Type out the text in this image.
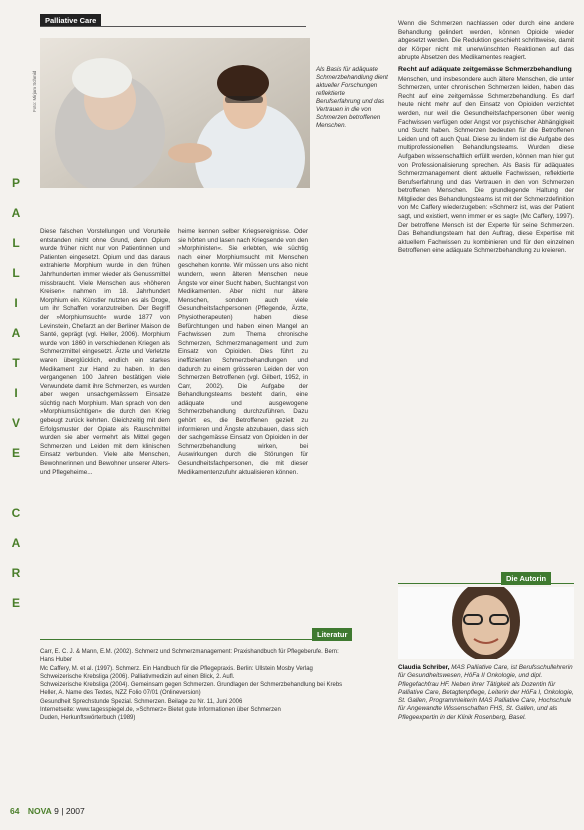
Palliative Care
Foto: Mirjam Schmid
Als Basis für adäquate Schmerzbehandlung dient aktueller Forschungen reflektierte Berufserfahrung und das Vertrauen in die von Schmerzen betroffenen Menschen.
P
A
L
L
I
A
T
I
V
E

C
A
R
E

Diese falschen Vorstellungen und Vorurteile entstanden nicht ohne Grund, denn Opium wurde früher nicht nur von Patientinnen und Patienten eingesetzt. Opium und das daraus extrahierte Morphium wurde in den frühen Jahrhunderten immer wieder als Genussmittel missbraucht. Viele Menschen aus »höheren Kreisen« nahmen im 18. Jahrhundert Morphium ein. Künstler nutzten es als Droge, um ihr Schaffen voranzutreiben. Der Begriff der »Morphiumsucht« wurde 1877 von Levinstein, Chefarzt an der Berliner Maison de Santé, geprägt (vgl. Heller, 2006). Morphium wurde von 1860 in verschiedenen Kriegen als Schmerzmittel eingesetzt. Ärzte und Verletzte waren überglücklich, endlich ein starkes Medikament zur Hand zu haben. In den vergangenen 100 Jahren bestätigen viele Verwundete damit ihre Schmerzen, es wurden aber wegen unsachgemässem Einsatze süchtig nach Morphium. Man sprach von den »Morphiumsüchtigen« die durch den Krieg gebeugt zurück kehrten. Gleichzeitig mit dem Erfolgsmuster der Opiate als Rauschmittel wurden sie aber vermehrt als Mittel gegen Schmerzen und Leiden mit dem klinischen Einsatz verbunden. Viele alte Menschen, Bewohnerinnen und Bewohner unserer Alters- und Pflegeheime...

heime kennen selber Kriegsereignisse. Oder sie hörten und lasen nach Kriegsende von den »Morphinisten«. Sie erlebten, wie süchtig nach einer Morphiumsucht mit Menschen geschehen konnte. Wir müssen uns also nicht wundern, wenn älteren Menschen neue Ängste vor einer Sucht haben, Suchtangst von Medikamenten. Aber nicht nur ältere Menschen, sondern auch viele Gesundheitsfachpersonen (Pflegende, Ärzte, Physiotherapeuten) haben diese Befürchtungen und haben einen Mangel an Fachwissen zum Thema chronische Schmerzen, Schmerzmanagement und zum Einsatz von Opioiden. Dies führt zu ineffizienten Schmerzbehandlungen und dadurch zu einem grösseren Leiden der von Schmerzen Betroffenen (vgl. Gilbert, 1952, in Carr, 2002). Die Aufgabe der Behandlungsteams besteht darin, eine adäquate und ausgewogene Schmerzbehandlung durchzuführen. Dazu gehört es, die Betroffenen gezielt zu informieren und Ängste abzubauen, dass sich der sachgemässe Einsatz von Opioiden in der Schmerzbehandlung wirken, bei Auswirkungen durch die Störungen für Gesundheitsfachpersonen, die mit dieser Medikamentenzufuhr aktualisieren können.

Wenn die Schmerzen nachlassen oder durch eine andere Behandlung gelindert werden, können Opioide wieder abgesetzt werden. Die Reduktion geschieht schrittweise, damit der Körper nicht mit unerwünschten Reaktionen auf das abrupte Absetzen des Medikamentes reagiert.

Recht auf adäquate zeitgemässe Schmerzbehandlung

Menschen, und insbesondere auch ältere Menschen, die unter Schmerzen, unter chronischen Schmerzen leiden, haben das Recht auf eine zeitgemässe Schmerzbehandlung. Es darf heute nicht mehr auf den Einsatz von Opioiden verzichtet werden, nur weil die Gesundheitsfachpersonen über wenig Fachwissen verfügen oder Angst vor psychischer Abhängigkeit und Sucht haben. Schmerzen bedeuten für die Betroffenen Leiden und oft auch Qual. Diese zu lindern ist die Aufgabe des multiprofessionellen Behandlungsteams. Wurden diese Aufgaben wissenschaftlich erfüllt werden, können man hier gut von Professionalisierung sprechen. Als Basis für adäquates Schmerzmanagement dient aktuelle Fachwissen, reflektierte Berufserfahrung und das Vertrauen in den von Schmerzen betroffenen Menschen. Die grundlegende Haltung der Mitglieder des Behandlungsteams ist mit der Schmerzdefinition von Mc Caffery wiederzugeben: »Schmerz ist, was der Patient sagt, und existiert, wenn immer er es sagt« (Mc Caffery, 1997). Der betroffene Mensch ist der Experte für seine Schmerzen. Das Behandlungsteam hat den Auftrag, diese Expertise mit aktuellem Fachwissen zu kombinieren und für den einzelnen Betroffenen eine adäquate Schmerzbehandlung zu kreieren.

Die Autorin
Claudia Schriber, MAS Palliative Care, ist Berufsschullehrerin für Gesundheitswesen, HöFa II Onkologie, und dipl. Pflegefachfrau HF. Neben ihrer Tätigkeit als Dozentin für Palliative Care, Betagtenpflege, Leiterin der HöFa I, Onkologie, St. Gallen, Programmleiterin MAS Palliative Care, Hochschule für Angewandte Wissenschaften FHS, St. Gallen, und als Pflegeexpertin in der Klinik Rosenberg, Basel.
Literatur

Carr, E. C. J. & Mann, E.M. (2002). Schmerz und Schmerzmanagement: Praxishandbuch für Pflegeberufe. Bern: Hans Huber

Mc Caffery, M. et al. (1997). Schmerz. Ein Handbuch für die Pflegepraxis. Berlin: Ullstein Mosby Verlag

Schweizerische Krebsliga (2006). Palliativmedizin auf einen Blick, 2. Aufl.

Schweizerische Krebsliga (2004). Gemeinsam gegen Schmerzen. Grundlagen der Schmerzbehandlung bei Krebs

Heller, A. Name des Textes, NZZ Folio 07/01 (Onlineversion)

Gesundheit Sprechstunde Spezial. Schmerzen. Beilage zu Nr. 11, Juni 2006

Internetseite: www.tagesspiegel.de, »Schmerz« Bietet gute Informationen über Schmerzen

Duden, Herkunftswörterbuch (1989)

64 NOVA 9 | 2007
